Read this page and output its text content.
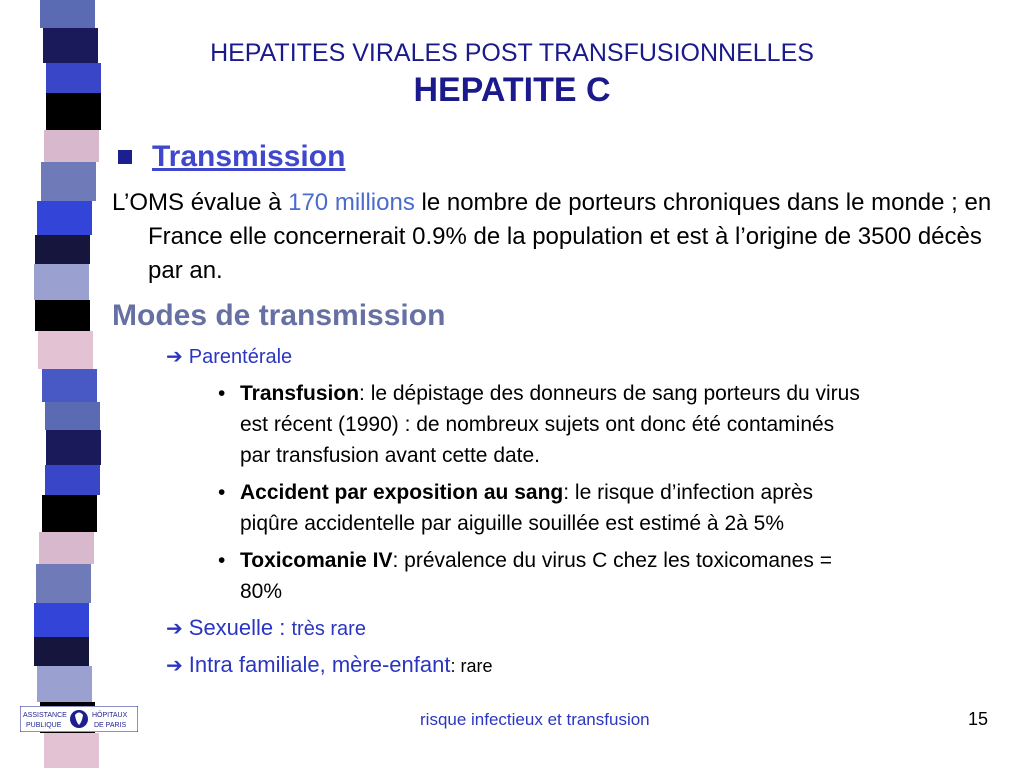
HEPATITES VIRALES POST TRANSFUSIONNELLES
HEPATITE C
Transmission
L’OMS évalue à 170 millions le nombre de porteurs chroniques dans le monde ; en France elle concernerait 0.9% de la population et est à l’origine de 3500 décès par an.
Modes de transmission
➔ Parentérale
• Transfusion: le dépistage des donneurs de sang porteurs du virus est récent (1990) : de nombreux sujets ont donc été contaminés par transfusion avant cette date.
• Accident par exposition au sang: le risque d’infection après piqûre accidentelle par aiguille souillée est estimé à 2à 5%
• Toxicomanie IV: prévalence du virus C chez les toxicomanes = 80%
➔ Sexuelle : très rare
➔ Intra familiale, mère-enfant: rare
ASSISTANCE
PUBLIQUE
HÔPITAUX
DE PARIS	risque infectieux et transfusion	15
